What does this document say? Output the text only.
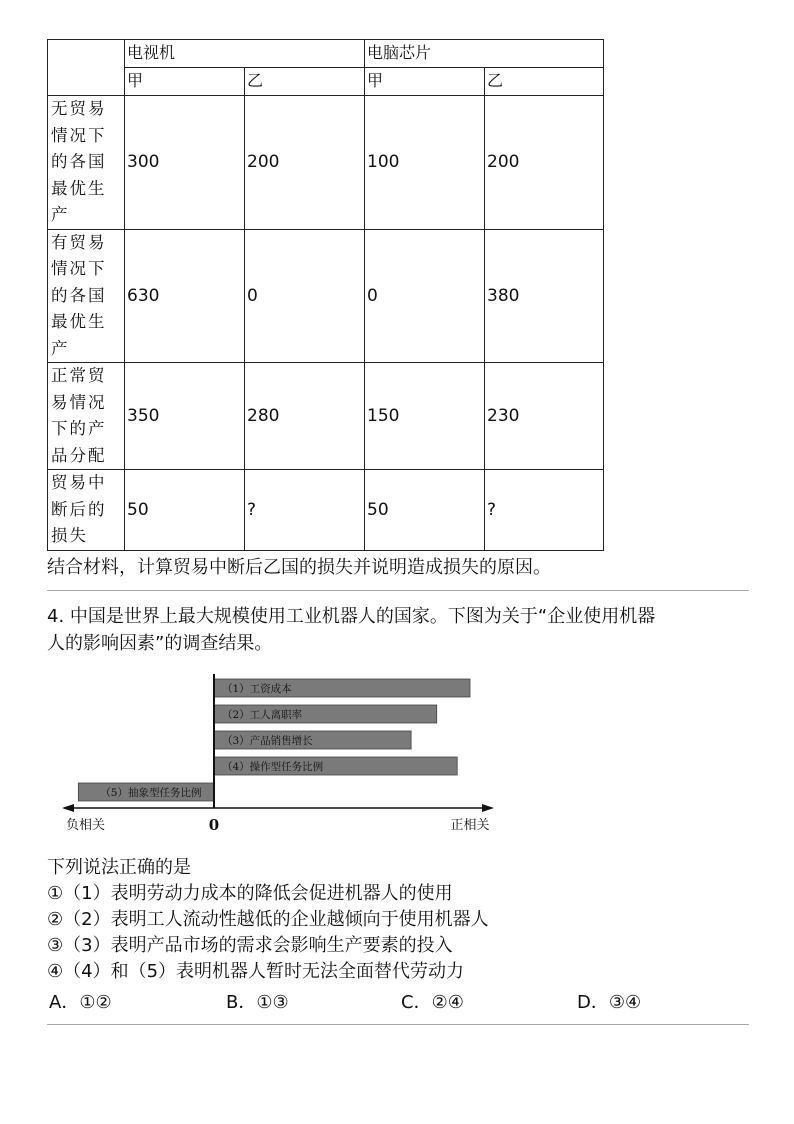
	电视机		电脑芯片	
	甲	乙	甲	乙
无贸易情况下的各国最优生产	300	200	100	200
有贸易情况下的各国最优生产	630	0	0	380
正常贸易情况下的产品分配	350	280	150	230
贸易中断后的损失	50	?	50	?
结合材料，计算贸易中断后乙国的损失并说明造成损失的原因。
4. 中国是世界上最大规模使用工业机器人的国家。下图为关于“企业使用机器
人的影响因素”的调查结果。
（1）工资成本
（2）工人离职率
（3）产品销售增长
（4）操作型任务比例
（5）抽象型任务比例
负相关	0	正相关
下列说法正确的是
①（1）表明劳动力成本的降低会促进机器人的使用
②（2）表明工人流动性越低的企业越倾向于使用机器人
③（3）表明产品市场的需求会影响生产要素的投入
④（4）和（5）表明机器人暂时无法全面替代劳动力
A．①②	B．①③	C．②④	D．③④
